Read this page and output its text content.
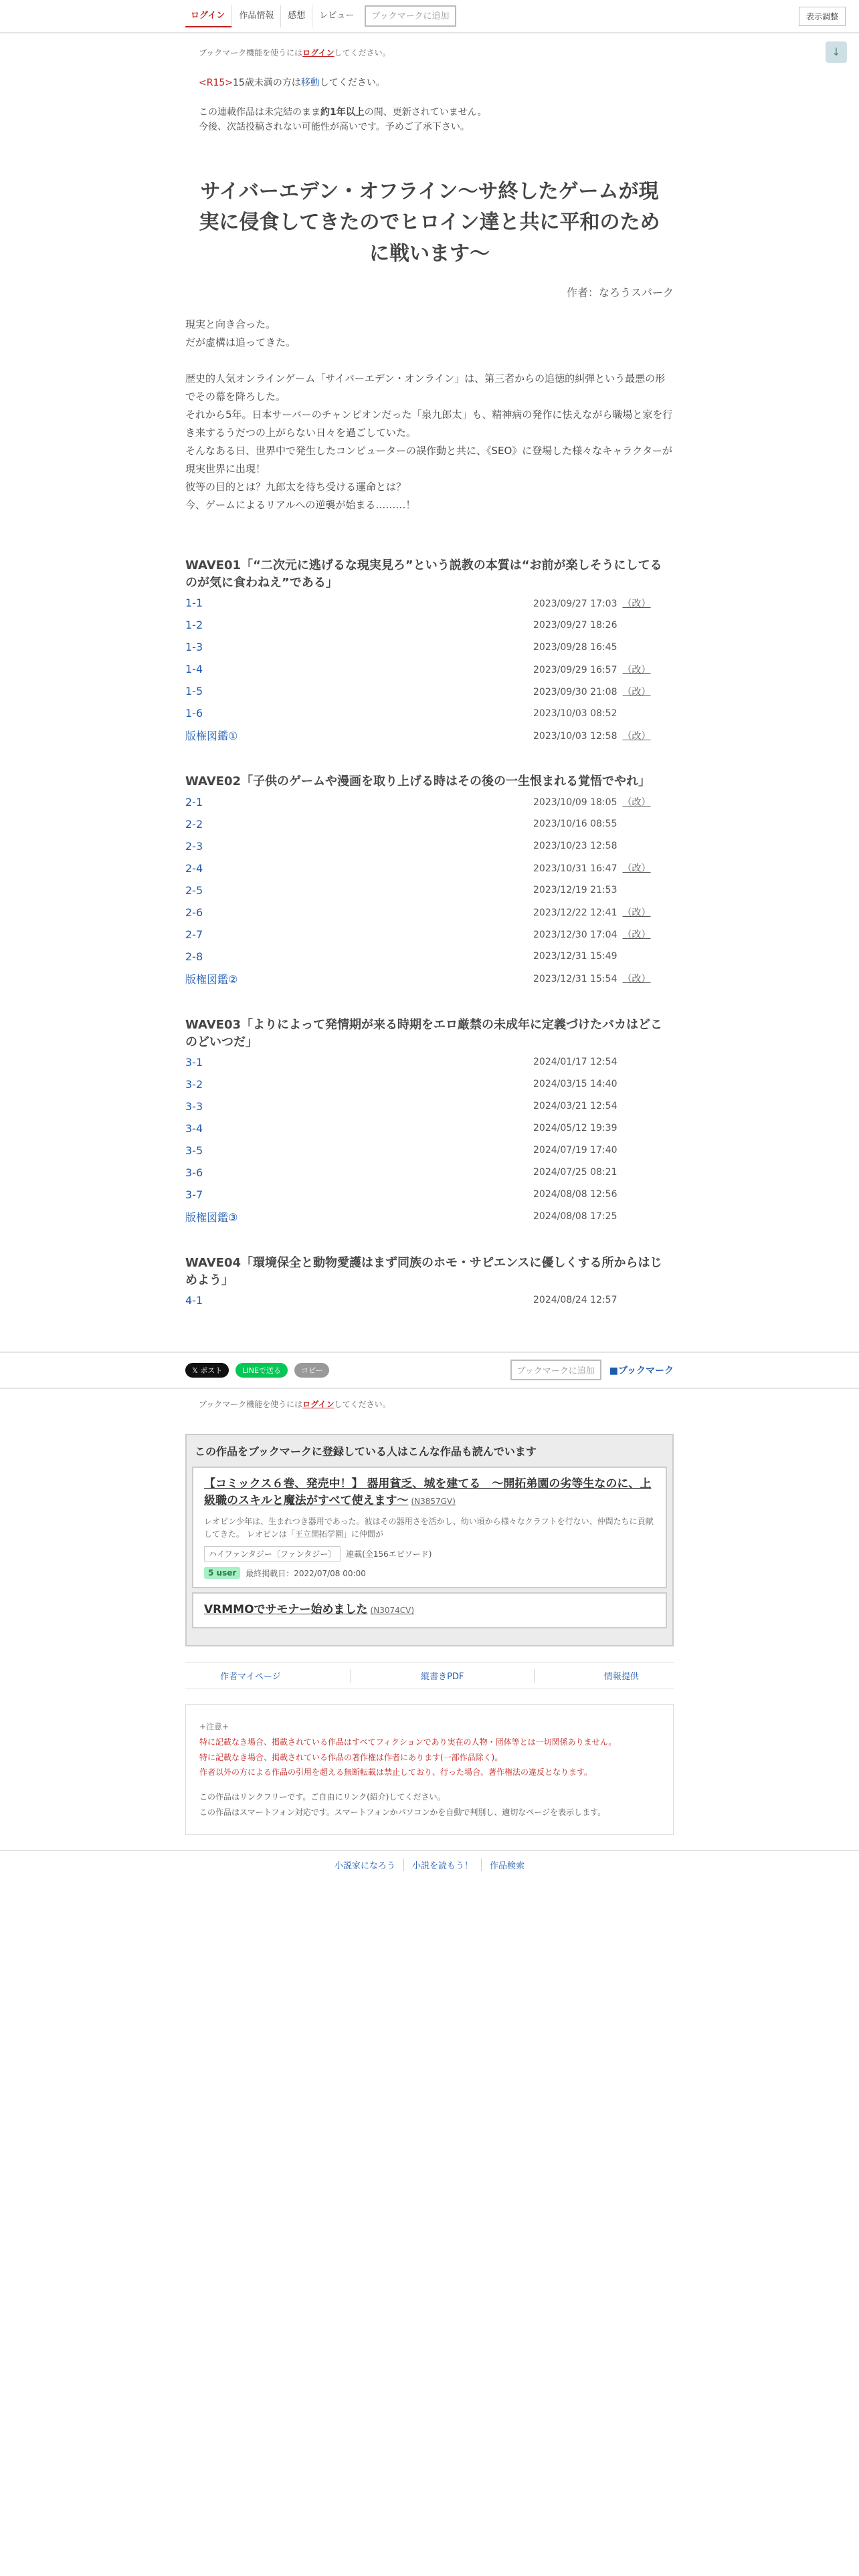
ログイン	作品情報	感想	レビュー	ブックマークに追加	表示調整
↓

ブックマーク機能を使うにはログインしてください。

<R15>15歳未満の方は移動してください。

この連載作品は未完結のまま約1年以上の間、更新されていません。
今後、次話投稿されない可能性が高いです。予めご了承下さい。

サイバーエデン・オフライン〜サ終したゲームが現実に侵食してきたのでヒロイン達と共に平和のために戦います〜
作者：なろうスパーク

現実と向き合った。
だが虚構は追ってきた。

歴史的人気オンラインゲーム「サイバーエデン・オンライン」は、第三者からの追徳的糾弾という最悪の形でその幕を降ろした。
それから5年。日本サーバーのチャンピオンだった「泉九郎太」も、精神病の発作に怯えながら職場と家を行き来するうだつの上がらない日々を過ごしていた。
そんなある日、世界中で発生したコンピューターの誤作動と共に、《SEO》に登場した様々なキャラクターが現実世界に出現！
彼等の目的とは？九郎太を待ち受ける運命とは？
今、ゲームによるリアルへの逆襲が始まる………！

WAVE01「“二次元に逃げるな現実見ろ”という説教の本質は“お前が楽しそうにしてるのが気に食わねえ”である」
1-1	2023/09/27 17:03 （改）
1-2	2023/09/27 18:26
1-3	2023/09/28 16:45
1-4	2023/09/29 16:57 （改）
1-5	2023/09/30 21:08 （改）
1-6	2023/10/03 08:52
版権図鑑①	2023/10/03 12:58 （改）
WAVE02「子供のゲームや漫画を取り上げる時はその後の一生恨まれる覚悟でやれ」
2-1	2023/10/09 18:05 （改）
2-2	2023/10/16 08:55
2-3	2023/10/23 12:58
2-4	2023/10/31 16:47 （改）
2-5	2023/12/19 21:53
2-6	2023/12/22 12:41 （改）
2-7	2023/12/30 17:04 （改）
2-8	2023/12/31 15:49
版権図鑑②	2023/12/31 15:54 （改）
WAVE03「よりによって発情期が来る時期をエロ厳禁の未成年に定義づけたバカはどこのどいつだ」
3-1	2024/01/17 12:54
3-2	2024/03/15 14:40
3-3	2024/03/21 12:54
3-4	2024/05/12 19:39
3-5	2024/07/19 17:40
3-6	2024/07/25 08:21
3-7	2024/08/08 12:56
版権図鑑③	2024/08/08 17:25
WAVE04「環境保全と動物愛護はまず同族のホモ・サピエンスに優しくする所からはじめよう」
4-1	2024/08/24 12:57
𝕏 ポスト	LINEで送る	コピー	ブックマークに追加	■ブックマーク

ブックマーク機能を使うにはログインしてください。

この作品をブックマークに登録している人はこんな作品も読んでいます
【コミックス６巻、発売中！】 器用貧乏、城を建てる　〜開拓弟園の劣等生なのに、上級職のスキルと魔法がすべて使えます〜 (N3857GV)

レオピン少年は、生まれつき器用であった。彼はその器用さを活かし、幼い頃から様々なクラフトを行ない、仲間たちに貢献してきた。 レオピンは「王立開拓学園」に仲間が

ハイファンタジー〔ファンタジー〕	連載(全156エピソード)
5 user	最終掲載日：2022/07/08 00:00
VRMMOでサモナー始めました (N3074CV)
作者マイページ	縦書きPDF	情報提供

+注意+

特に記載なき場合、掲載されている作品はすべてフィクションであり実在の人物・団体等とは一切関係ありません。

特に記載なき場合、掲載されている作品の著作権は作者にあります(一部作品除く)。

作者以外の方による作品の引用を超える無断転載は禁止しており、行った場合、著作権法の違反となります。

この作品はリンクフリーです。ご自由にリンク(紹介)してください。
この作品はスマートフォン対応です。スマートフォンかパソコンかを自動で判別し、適切なページを表示します。

小説家になろう	小説を読もう！	作品検索
